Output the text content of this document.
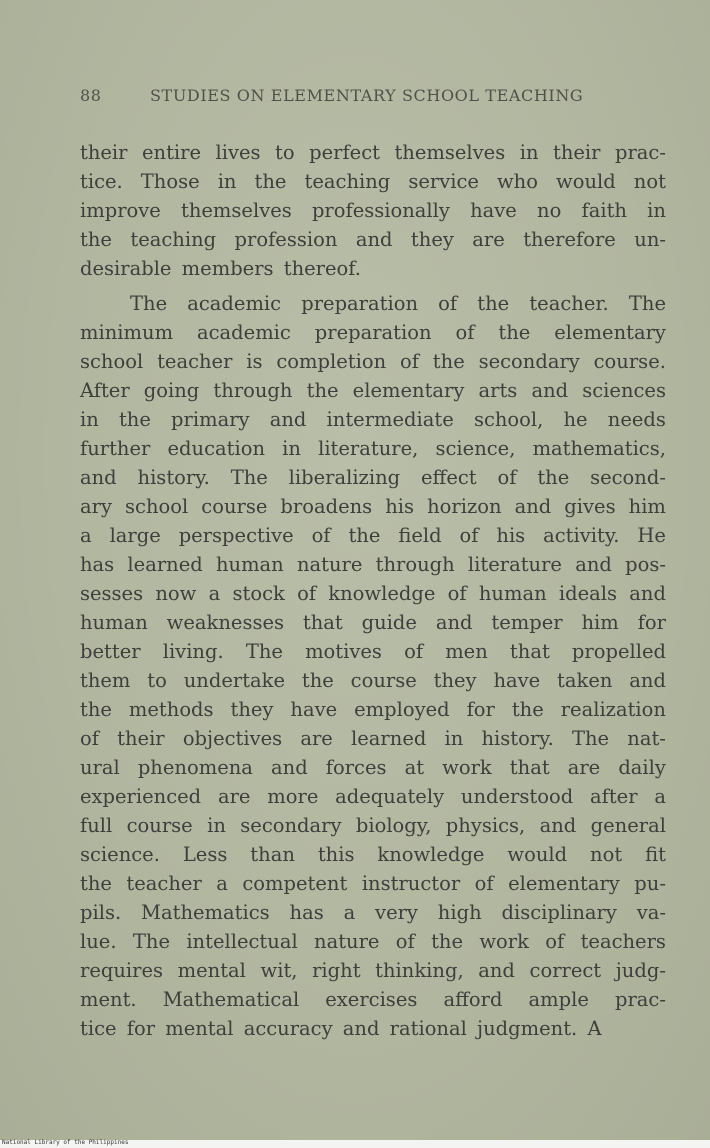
88	STUDIES ON ELEMENTARY SCHOOL TEACHING
their entire lives to perfect themselves in their prac-
tice. Those in the teaching service who would not
improve themselves professionally have no faith in
the teaching profession and they are therefore un-
desirable members thereof.
The academic preparation of the teacher. The
minimum academic preparation of the elementary
school teacher is completion of the secondary course.
After going through the elementary arts and sciences
in the primary and intermediate school, he needs
further education in literature, science, mathematics,
and history. The liberalizing effect of the second-
ary school course broadens his horizon and gives him
a large perspective of the field of his activity. He
has learned human nature through literature and pos-
sesses now a stock of knowledge of human ideals and
human weaknesses that guide and temper him for
better living. The motives of men that propelled
them to undertake the course they have taken and
the methods they have employed for the realization
of their objectives are learned in history. The nat-
ural phenomena and forces at work that are daily
experienced are more adequately understood after a
full course in secondary biology, physics, and general
science. Less than this knowledge would not fit
the teacher a competent instructor of elementary pu-
pils. Mathematics has a very high disciplinary va-
lue. The intellectual nature of the work of teachers
requires mental wit, right thinking, and correct judg-
ment. Mathematical exercises afford ample prac-
tice for mental accuracy and rational judgment. A
National Library of the Philippines
